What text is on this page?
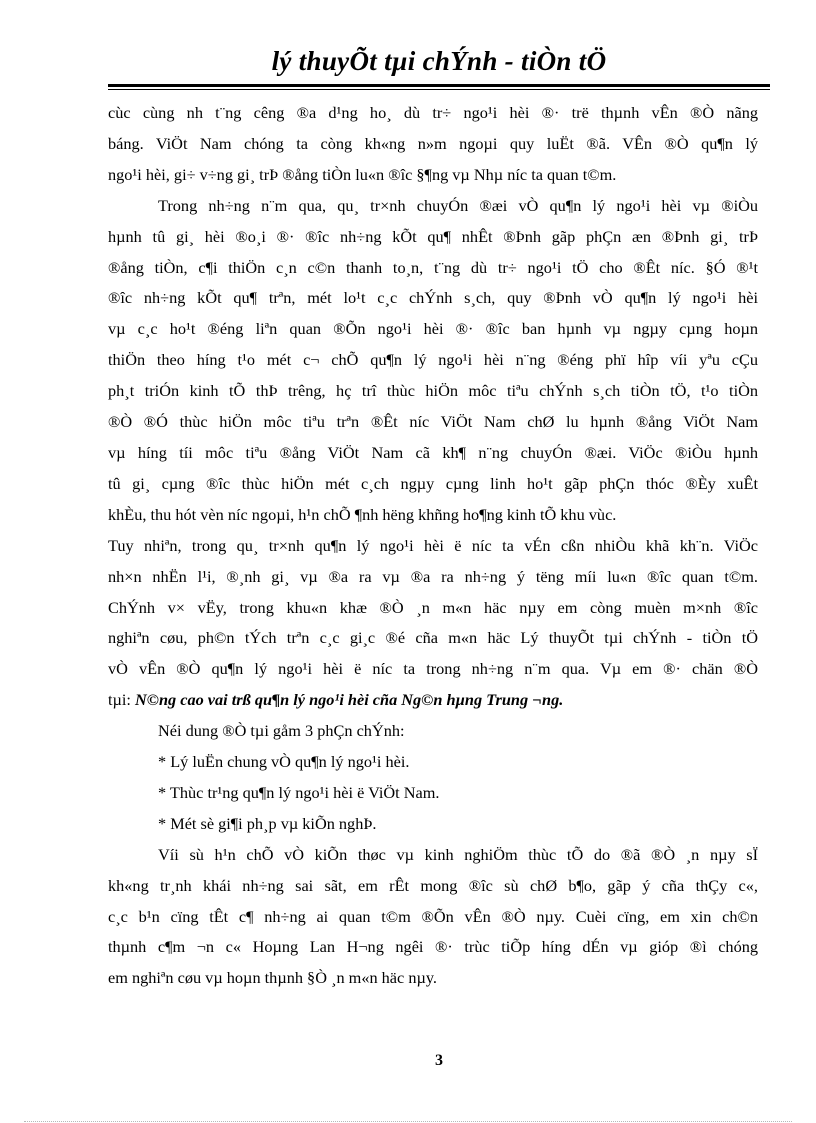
lý thuyÕt tµi chÝnh - tiÒn tÖ
cùc cùng nh t¨ng cêng ®a d¹ng ho¸ dù tr÷ ngo¹i hèi ®· trë thµnh vÊn ®Ò nãng
báng. ViÖt Nam chóng ta còng kh«ng n»m ngoµi quy luËt ®ã. VÊn ®Ò qu¶n lý
ngo¹i hèi, gi÷ v÷ng gi¸ trÞ ®ång tiÒn lu«n ®îc §¶ng vµ Nhµ níc ta quan t©m.
Trong nh÷ng n¨m qua, qu¸ tr×nh chuyÓn ®æi vÒ qu¶n lý ngo¹i hèi vµ ®iÒu
hµnh tû gi¸ hèi ®o¸i ®· ®îc nh÷ng kÕt qu¶ nhÊt ®Þnh gãp phÇn æn ®Þnh gi¸ trÞ
®ång tiÒn, c¶i thiÖn c¸n c©n thanh to¸n, t¨ng dù tr÷ ngo¹i tÖ cho ®Êt níc. §Ó ®¹t
®îc nh÷ng kÕt qu¶ trªn, mét lo¹t c¸c chÝnh s¸ch, quy ®Þnh vÒ qu¶n lý ngo¹i hèi
vµ c¸c ho¹t ®éng liªn quan ®Õn ngo¹i hèi ®· ®îc ban hµnh vµ ngµy cµng hoµn
thiÖn theo híng t¹o mét c¬ chÕ qu¶n lý ngo¹i hèi n¨ng ®éng phï hîp víi yªu cÇu
ph¸t triÓn kinh tÕ thÞ trêng, hç trî thùc hiÖn môc tiªu chÝnh s¸ch tiÒn tÖ, t¹o tiÒn
®Ò ®Ó thùc hiÖn môc tiªu trªn ®Êt níc ViÖt Nam chØ lu hµnh ®ång ViÖt Nam
vµ híng tíi môc tiªu ®ång ViÖt Nam cã kh¶ n¨ng chuyÓn ®æi. ViÖc ®iÒu hµnh
tû gi¸ cµng ®îc thùc hiÖn mét c¸ch ngµy cµng linh ho¹t gãp phÇn thóc ®Èy xuÊt
khÈu, thu hót vèn níc ngoµi, h¹n chÕ ¶nh hëng khñng ho¶ng kinh tÕ khu vùc.
Tuy nhiªn, trong qu¸ tr×nh qu¶n lý ngo¹i hèi ë níc ta vÉn cßn nhiÒu khã kh¨n. ViÖc
nh×n nhËn l¹i, ®¸nh gi¸ vµ ®a ra vµ ®a ra nh÷ng ý tëng míi lu«n ®îc quan t©m.
ChÝnh v× vËy, trong khu«n khæ ®Ò ¸n m«n häc nµy em còng muèn m×nh ®îc
nghiªn cøu, ph©n tÝch trªn c¸c gi¸c ®é cña m«n häc Lý thuyÕt tµi chÝnh - tiÒn tÖ
vÒ vÊn ®Ò qu¶n lý ngo¹i hèi ë níc ta trong nh÷ng n¨m qua. Vµ em ®· chän ®Ò
tµi: N©ng cao vai trß qu¶n lý ngo¹i hèi cña Ng©n hµng Trung ¬ng.
Néi dung ®Ò tµi gåm 3 phÇn chÝnh:
* Lý luËn chung vÒ qu¶n lý ngo¹i hèi.
* Thùc tr¹ng qu¶n lý ngo¹i hèi ë ViÖt Nam.
* Mét sè gi¶i ph¸p vµ kiÕn nghÞ.
Víi sù h¹n chÕ vÒ kiÕn thøc vµ kinh nghiÖm thùc tÕ do ®ã ®Ò ¸n nµy sÏ
kh«ng tr¸nh khái nh÷ng sai sãt, em rÊt mong ®îc sù chØ b¶o, gãp ý cña thÇy c«,
c¸c b¹n cïng tÊt c¶ nh÷ng ai quan t©m ®Õn vÊn ®Ò nµy. Cuèi cïng, em xin ch©n
thµnh c¶m ¬n c« Hoµng Lan H¬ng ngêi ®· trùc tiÕp híng dÉn vµ gióp ®ì chóng
em nghiªn cøu vµ hoµn thµnh §Ò ¸n m«n häc nµy.
3
